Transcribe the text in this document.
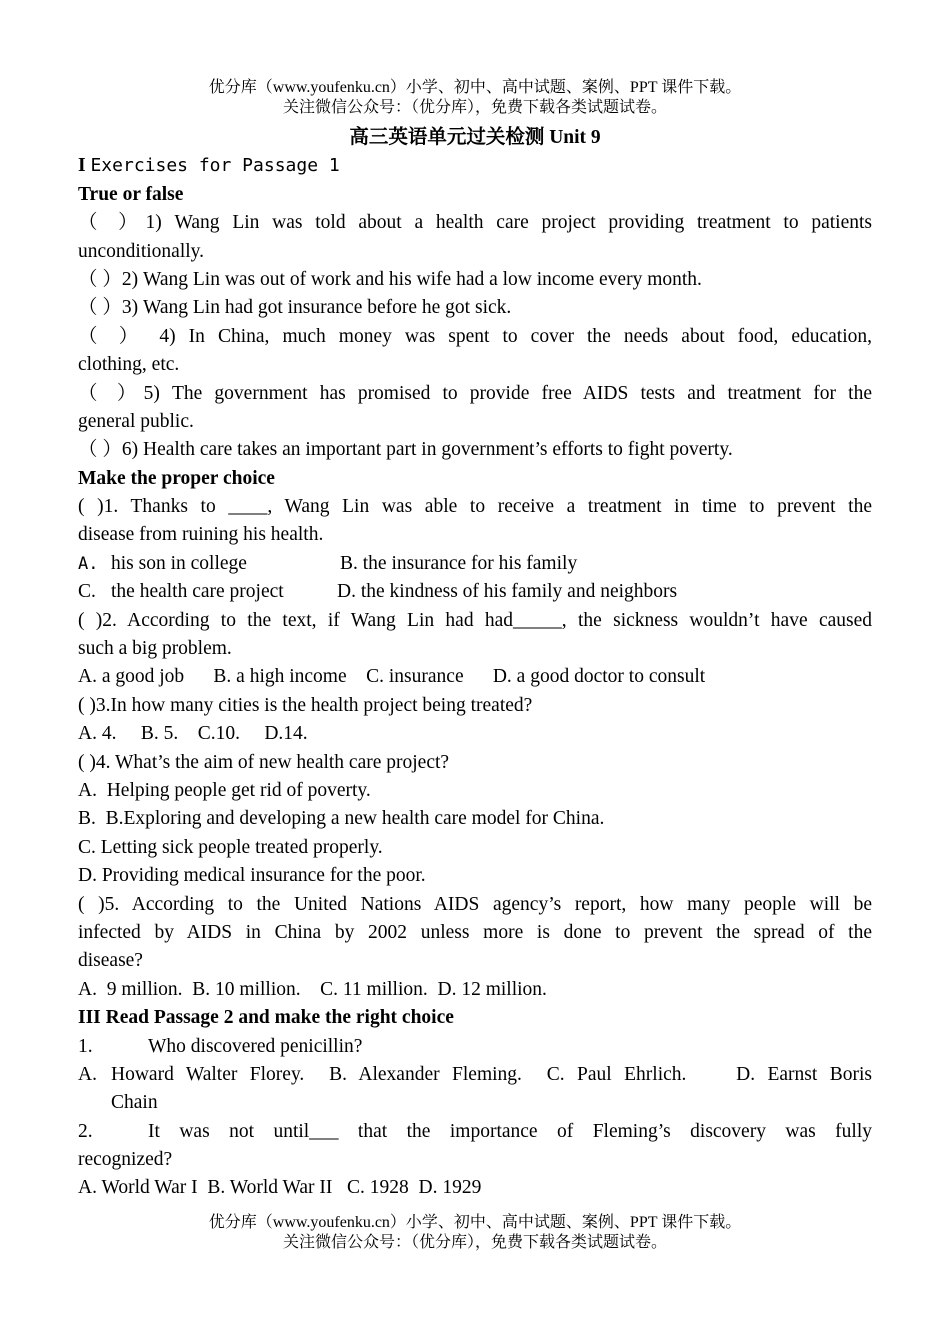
优分库（www.youfenku.cn）小学、初中、高中试题、案例、PPT 课件下载。
关注微信公众号：（优分库），免费下载各类试题试卷。
高三英语单元过关检测 Unit 9
I Exercises for Passage 1
True or false
（ ）1) Wang Lin was told about a health care project providing treatment to patients
unconditionally.
（ ）2) Wang Lin was out of work and his wife had a low income every month.
（ ）3) Wang Lin had got insurance before he got sick.
（ ） 4) In China, much money was spent to cover the needs about food, education,
clothing, etc.
（ ）5) The government has promised to provide free AIDS tests and treatment for the
general public.
（ ）6) Health care takes an important part in government’s efforts to fight poverty.
Make the proper choice
( )1. Thanks to ____, Wang Lin was able to receive a treatment in time to prevent the
disease from ruining his health.
A. his son in college	B. the insurance for his family
C. the health care project	D. the kindness of his family and neighbors
( )2. According to the text, if Wang Lin had had_____, the sickness wouldn’t have caused
such a big problem.
A. a good job      B. a high income    C. insurance      D. a good doctor to consult
( )3.In how many cities is the health project being treated?
A. 4.     B. 5.    C.10.     D.14.
( )4. What’s the aim of new health care project?
A.  Helping people get rid of poverty.
B.  B.Exploring and developing a new health care model for China.
C. Letting sick people treated properly.
D. Providing medical insurance for the poor.
( )5. According to the United Nations AIDS agency’s report, how many people will be
infected by AIDS in China by 2002 unless more is done to prevent the spread of the
disease?
A.  9 million.  B. 10 million.    C. 11 million.  D. 12 million.
III Read Passage 2 and make the right choice
1.	Who discovered penicillin?
A. Howard Walter Florey.  B. Alexander Fleming.  C. Paul Ehrlich.    D. Earnst Boris
Chain
2.	It was not until___ that the importance of Fleming’s discovery was fully
recognized?
A. World War I  B. World War II   C. 1928  D. 1929
优分库（www.youfenku.cn）小学、初中、高中试题、案例、PPT 课件下载。
关注微信公众号：（优分库），免费下载各类试题试卷。
